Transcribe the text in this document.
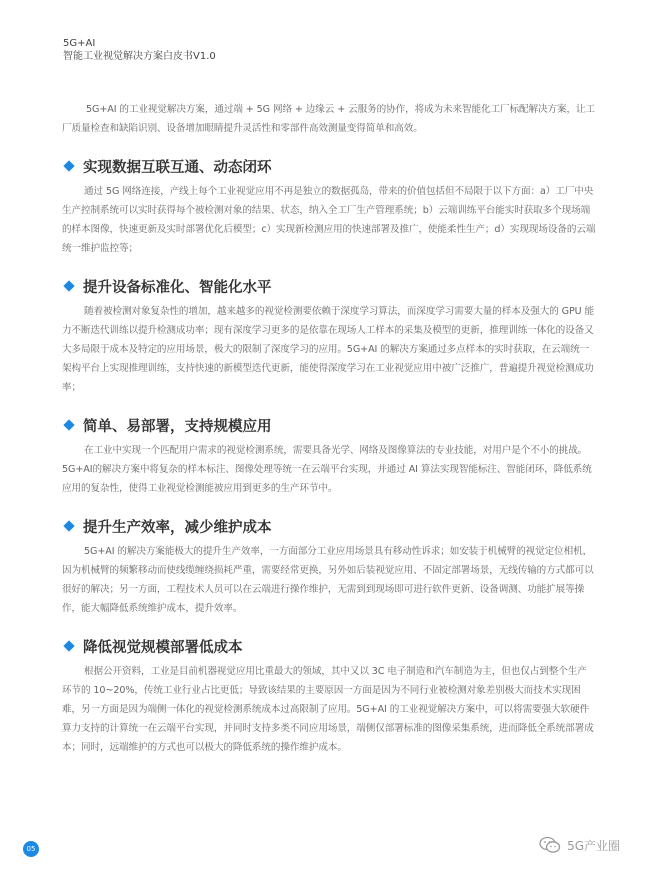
5G+AI
智能工业视觉解决方案白皮书V1.0

5G+AI 的工业视觉解决方案，通过端 + 5G 网络 + 边缘云 + 云服务的协作，将成为未来智能化工厂标配解决方案，让工厂质量检查和缺陷识别、设备增加眼睛提升灵活性和零部件高效测量变得简单和高效。

实现数据互联互通、动态闭环

通过 5G 网络连接，产线上每个工业视觉应用不再是独立的数据孤岛，带来的价值包括但不局限于以下方面：a）工厂中央生产控制系统可以实时获得每个被检测对象的结果、状态，纳入全工厂生产管理系统；b）云端训练平台能实时获取多个现场端的样本图像，快速更新及实时部署优化后模型；c）实现新检测应用的快速部署及推广，使能柔性生产；d）实现现场设备的云端统一维护监控等；

提升设备标准化、智能化水平

随着被检测对象复杂性的增加，越来越多的视觉检测要依赖于深度学习算法，而深度学习需要大量的样本及强大的 GPU 能力不断迭代训练以提升检测成功率；现有深度学习更多的是依靠在现场人工样本的采集及模型的更新，推理训练一体化的设备又大多局限于成本及特定的应用场景，极大的限制了深度学习的应用。5G+AI 的解决方案通过多点样本的实时获取，在云端统一架构平台上实现推理训练，支持快速的新模型迭代更新，能使得深度学习在工业视觉应用中被广泛推广，普遍提升视觉检测成功率；

简单、易部署，支持规模应用

在工业中实现一个匹配用户需求的视觉检测系统，需要具备光学、网络及图像算法的专业技能，对用户是个不小的挑战。5G+AI的解决方案中将复杂的样本标注、图像处理等统一在云端平台实现，并通过 AI 算法实现智能标注、智能闭环，降低系统应用的复杂性，使得工业视觉检测能被应用到更多的生产环节中。

提升生产效率，减少维护成本

5G+AI 的解决方案能极大的提升生产效率，一方面部分工业应用场景具有移动性诉求；如安装于机械臂的视觉定位相机，因为机械臂的频繁移动而使线缆缠绕损耗严重，需要经常更换，另外如后装视觉应用、不固定部署场景，无线传输的方式都可以很好的解决；另一方面，工程技术人员可以在云端进行操作维护，无需到到现场即可进行软件更新、设备调测、功能扩展等操作，能大幅降低系统维护成本，提升效率。

降低视觉规模部署低成本

根据公开资料，工业是目前机器视觉应用比重最大的领域，其中又以 3C 电子制造和汽车制造为主，但也仅占到整个生产环节的 10~20%，传统工业行业占比更低；导致该结果的主要原因一方面是因为不同行业被检测对象差别极大而技术实现困难，另一方面是因为端侧一体化的视觉检测系统成本过高限制了应用。5G+AI 的工业视觉解决方案中，可以将需要强大软硬件算力支持的计算统一在云端平台实现，并同时支持多类不同应用场景，端侧仅部署标准的图像采集系统，进而降低全系统部署成本；同时，远端维护的方式也可以极大的降低系统的操作维护成本。

05	5G产业圈
